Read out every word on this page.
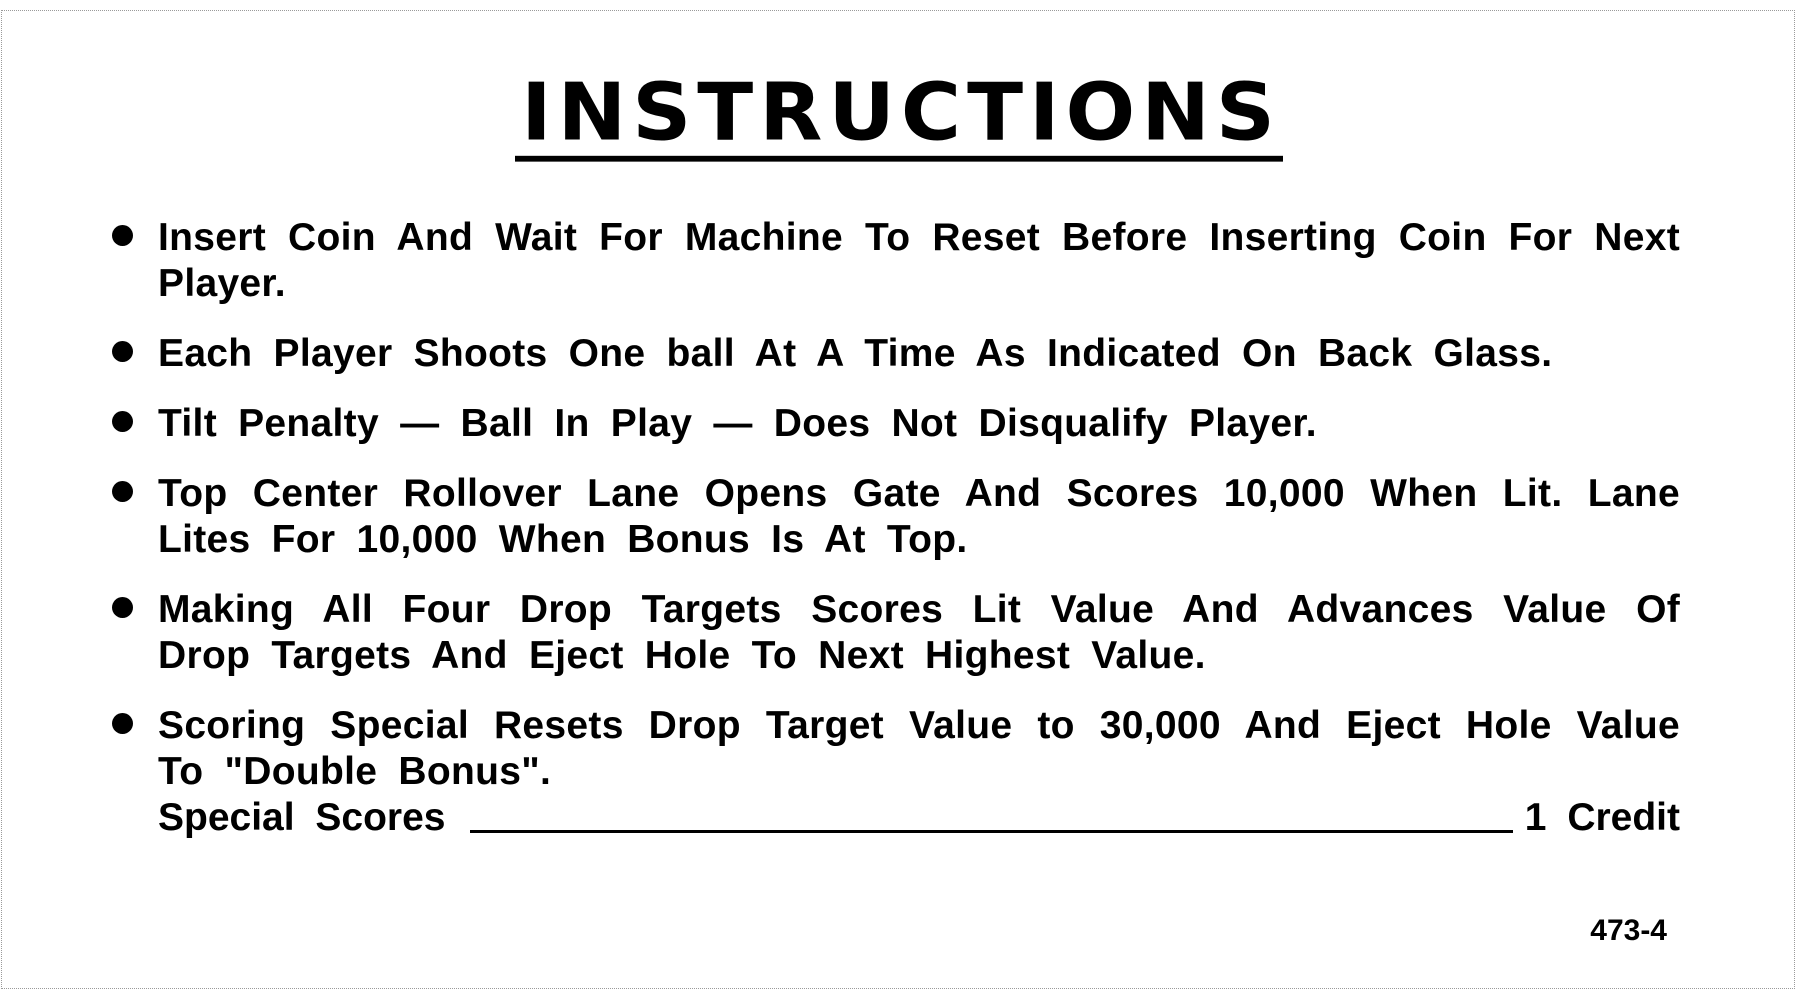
INSTRUCTIONS
Insert Coin And Wait For Machine To Reset Before Inserting Coin For Next Player.
Each Player Shoots One ball At A Time As Indicated On Back Glass.
Tilt Penalty — Ball In Play — Does Not Disqualify Player.
Top Center Rollover Lane Opens Gate And Scores 10,000 When Lit. Lane Lites For 10,000 When Bonus Is At Top.
Making All Four Drop Targets Scores Lit Value And Advances Value Of Drop Targets And Eject Hole To Next Highest Value.
Scoring Special Resets Drop Target Value to 30,000 And Eject Hole Value To "Double Bonus".
Special Scores	1 Credit
473-4
